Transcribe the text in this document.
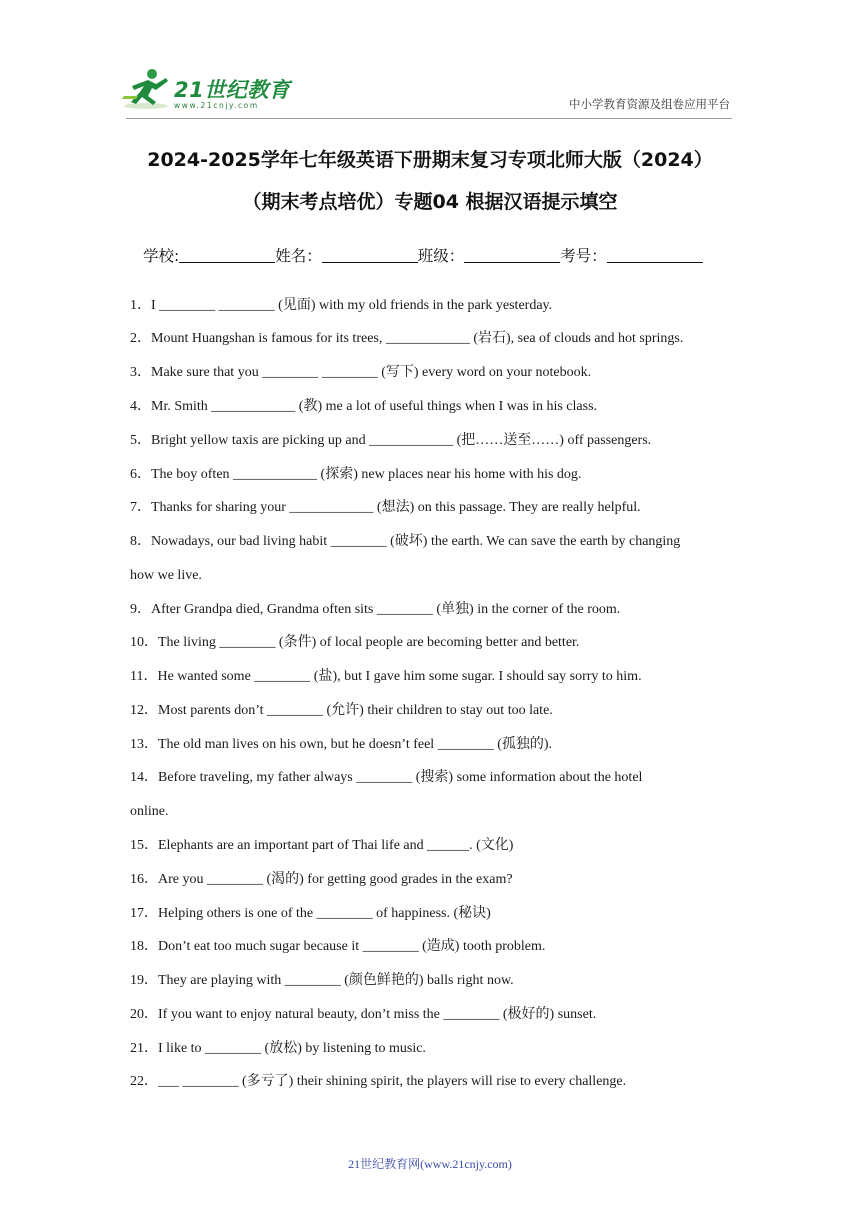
21世纪教育
www.21cnjy.com	中小学教育资源及组卷应用平台
2024-2025学年七年级英语下册期末复习专项北师大版（2024）
（期末考点培优）专题04 根据汉语提示填空
学校:	姓名：	班级：	考号：
1．I ________ ________ (见面) with my old friends in the park yesterday.
2．Mount Huangshan is famous for its trees, ____________ (岩石), sea of clouds and hot springs.
3．Make sure that you ________ ________ (写下) every word on your notebook.
4．Mr. Smith ____________ (教) me a lot of useful things when I was in his class.
5．Bright yellow taxis are picking up and ____________ (把……送至……) off passengers.
6．The boy often ____________ (探索) new places near his home with his dog.
7．Thanks for sharing your ____________ (想法) on this passage. They are really helpful.
8．Nowadays, our bad living habit ________ (破坏) the earth. We can save the earth by changing
how we live.
9．After Grandpa died, Grandma often sits ________ (单独) in the corner of the room.
10．The living ________ (条件) of local people are becoming better and better.
11．He wanted some ________ (盐), but I gave him some sugar. I should say sorry to him.
12．Most parents don’t ________ (允许) their children to stay out too late.
13．The old man lives on his own, but he doesn’t feel ________ (孤独的).
14．Before traveling, my father always ________ (搜索) some information about the hotel
online.
15．Elephants are an important part of Thai life and ______. (文化)
16．Are you ________ (渴的) for getting good grades in the exam?
17．Helping others is one of the ________ of happiness. (秘诀)
18．Don’t eat too much sugar because it ________ (造成) tooth problem.
19．They are playing with ________ (颜色鲜艳的) balls right now.
20．If you want to enjoy natural beauty, don’t miss the ________ (极好的) sunset.
21．I like to ________ (放松) by listening to music.
22．___ ________ (多亏了) their shining spirit, the players will rise to every challenge.
21世纪教育网(www.21cnjy.com)
